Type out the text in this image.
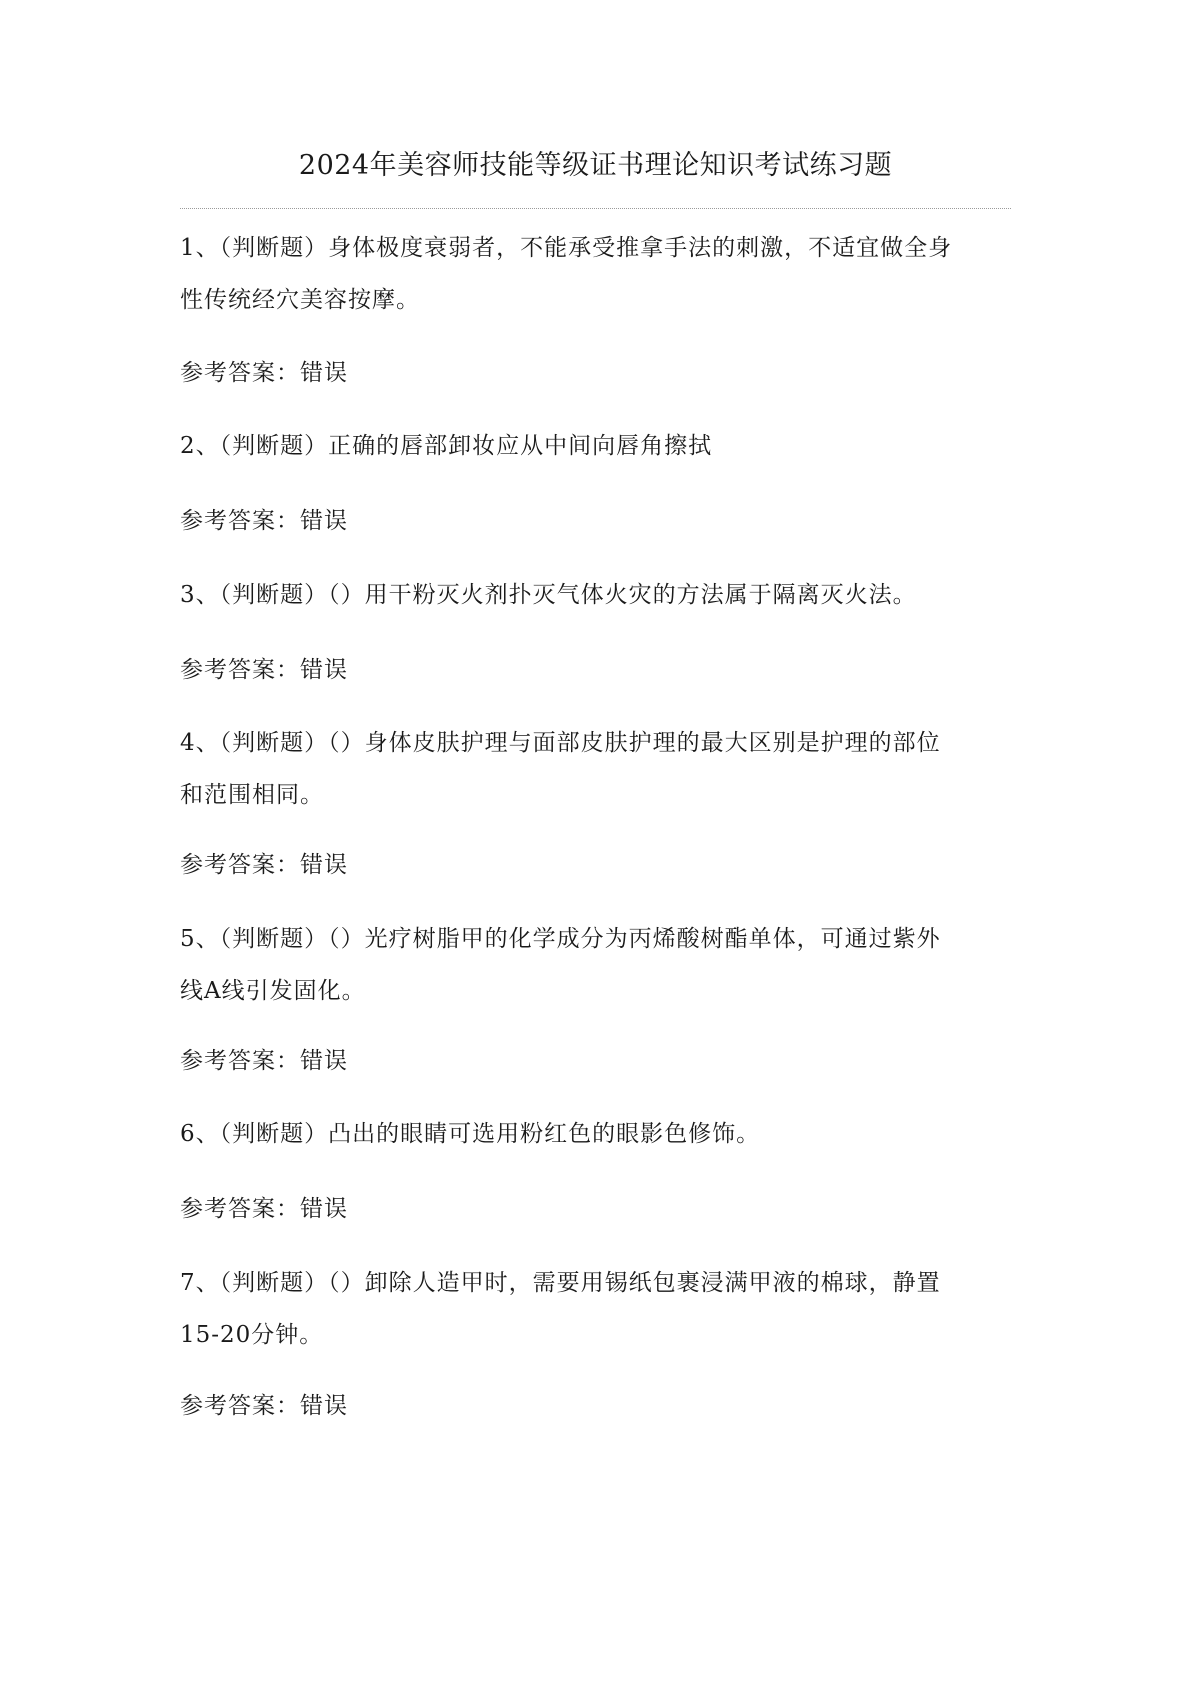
2024年美容师技能等级证书理论知识考试练习题
1、（判断题）身体极度衰弱者，不能承受推拿手法的刺激，不适宜做全身
性传统经穴美容按摩。
参考答案：错误
2、（判断题）正确的唇部卸妆应从中间向唇角擦拭
参考答案：错误
3、（判断题）（）用干粉灭火剂扑灭气体火灾的方法属于隔离灭火法。
参考答案：错误
4、（判断题）（）身体皮肤护理与面部皮肤护理的最大区别是护理的部位
和范围相同。
参考答案：错误
5、（判断题）（）光疗树脂甲的化学成分为丙烯酸树酯单体，可通过紫外
线A线引发固化。
参考答案：错误
6、（判断题）凸出的眼睛可选用粉红色的眼影色修饰。
参考答案：错误
7、（判断题）（）卸除人造甲时，需要用锡纸包裹浸满甲液的棉球，静置
15-20分钟。
参考答案：错误
